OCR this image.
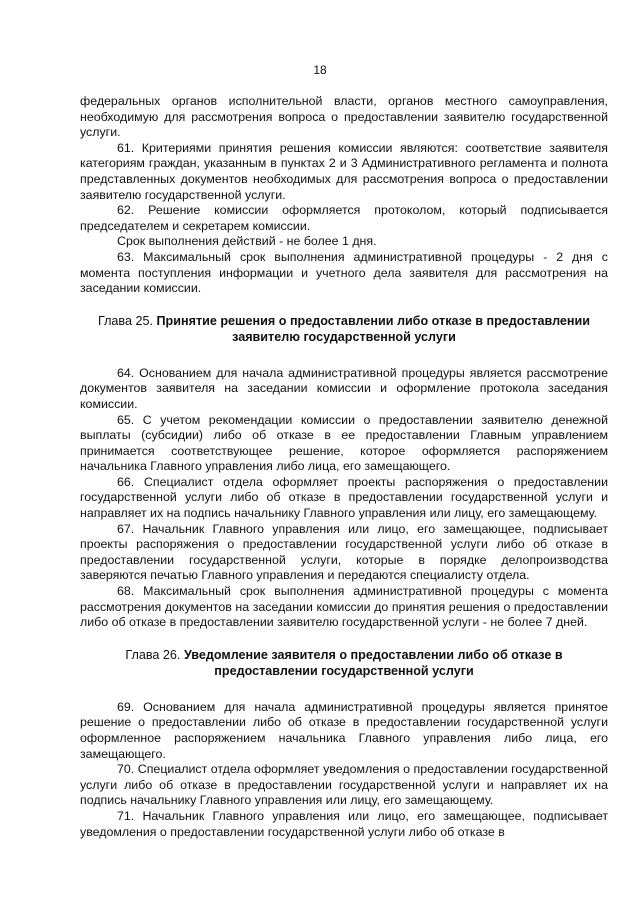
18

федеральных органов исполнительной власти, органов местного самоуправления, необходимую для рассмотрения вопроса о предоставлении заявителю государственной услуги.

61. Критериями принятия решения комиссии являются: соответствие заявителя категориям граждан, указанным в пунктах 2 и 3 Административного регламента и полнота представленных документов необходимых для рассмотрения вопроса о предоставлении заявителю государственной услуги.

62. Решение комиссии оформляется протоколом, который подписывается председателем и секретарем комиссии.

Срок выполнения действий - не более 1 дня.

63. Максимальный срок выполнения административной процедуры - 2 дня с момента поступления информации и учетного дела заявителя для рассмотрения на заседании комиссии.

Глава 25. Принятие решения о предоставлении либо отказе в предоставлении
заявителю государственной услуги

64. Основанием для начала административной процедуры является рассмотрение документов заявителя на заседании комиссии и оформление протокола заседания комиссии.

65. С учетом рекомендации комиссии о предоставлении заявителю денежной выплаты (субсидии) либо об отказе в ее предоставлении Главным управлением принимается соответствующее решение, которое оформляется распоряжением начальника Главного управления либо лица, его замещающего.

66. Специалист отдела оформляет проекты распоряжения о предоставлении государственной услуги либо об отказе в предоставлении государственной услуги и направляет их на подпись начальнику Главного управления или лицу, его замещающему.

67. Начальник Главного управления или лицо, его замещающее, подписывает проекты распоряжения о предоставлении государственной услуги либо об отказе в предоставлении государственной услуги, которые в порядке делопроизводства заверяются печатью Главного управления и передаются специалисту отдела.

68. Максимальный срок выполнения административной процедуры с момента рассмотрения документов на заседании комиссии до принятия решения о предоставлении либо об отказе в предоставлении заявителю государственной услуги - не более 7 дней.

Глава 26. Уведомление заявителя о предоставлении либо об отказе в
предоставлении государственной услуги

69. Основанием для начала административной процедуры является принятое решение о предоставлении либо об отказе в предоставлении государственной услуги оформленное распоряжением начальника Главного управления либо лица, его замещающего.

70. Специалист отдела оформляет уведомления о предоставлении государственной услуги либо об отказе в предоставлении государственной услуги и направляет их на подпись начальнику Главного управления или лицу, его замещающему.

71. Начальник Главного управления или лицо, его замещающее, подписывает уведомления о предоставлении государственной услуги либо об отказе в
